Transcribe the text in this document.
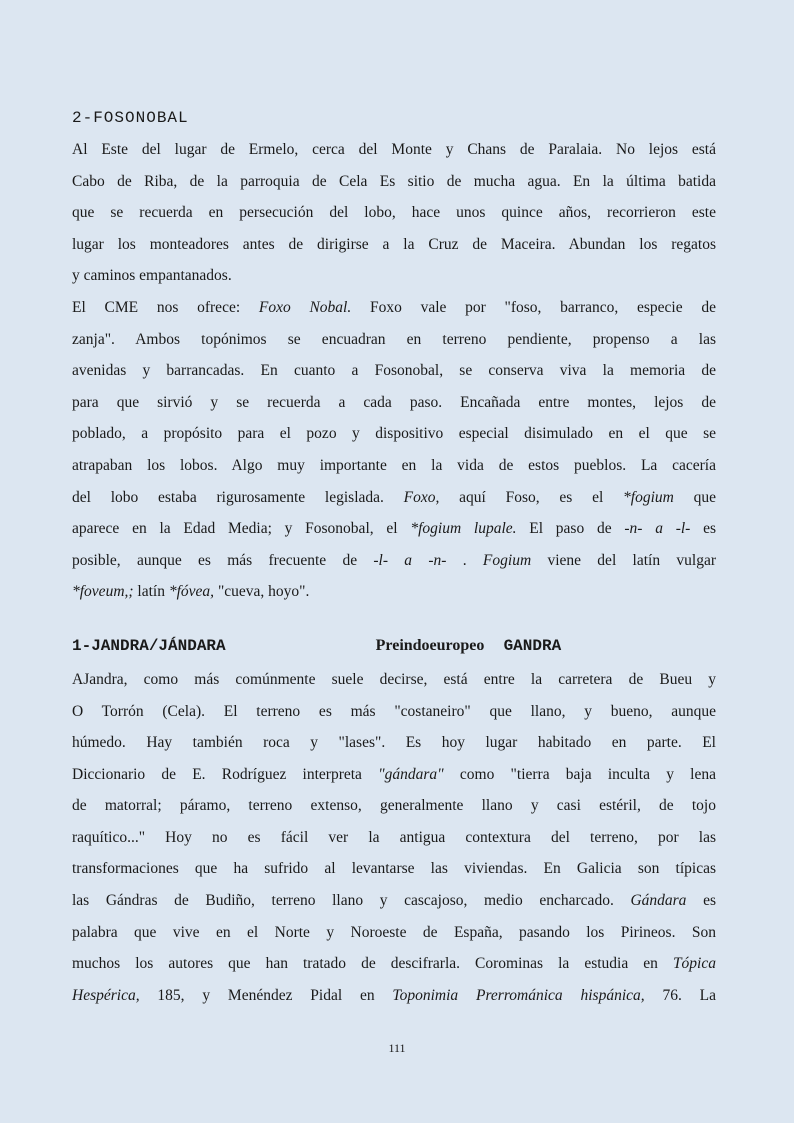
2-FOSONOBAL
Al Este del lugar de Ermelo, cerca del Monte y Chans de Paralaia. No lejos está
Cabo de Riba, de la parroquia de Cela Es sitio de mucha agua. En la última batida
que se recuerda en persecución del lobo, hace unos quince años, recorrieron este
lugar los monteadores antes de dirigirse a la Cruz de Maceira. Abundan los regatos
y caminos empantanados.
El CME nos ofrece: Foxo Nobal. Foxo vale por "foso, barranco, especie de
zanja". Ambos topónimos se encuadran en terreno pendiente, propenso a las
avenidas y barrancadas. En cuanto a Fosonobal, se conserva viva la memoria de
para que sirvió y se recuerda a cada paso. Encañada entre montes, lejos de
poblado, a propósito para el pozo y dispositivo especial disimulado en el que se
atrapaban los lobos. Algo muy importante en la vida de estos pueblos. La cacería
del lobo estaba rigurosamente legislada. Foxo, aquí Foso, es el *fogium que
aparece en la Edad Media; y Fosonobal, el *fogium lupale. El paso de -n- a -l- es
posible, aunque es más frecuente de -l- a -n- . Fogium viene del latín vulgar
*foveum,; latín *fóvea, "cueva, hoyo".
1-JANDRA/JÁNDARA	Preindoeuropeo GANDRA
AJandra, como más comúnmente suele decirse, está entre la carretera de Bueu y
O Torrón (Cela). El terreno es más "costaneiro" que llano, y bueno, aunque
húmedo. Hay también roca y "lases". Es hoy lugar habitado en parte. El
Diccionario de E. Rodríguez interpreta "gándara" como "tierra baja inculta y lena
de matorral; páramo, terreno extenso, generalmente llano y casi estéril, de tojo
raquítico..." Hoy no es fácil ver la antigua contextura del terreno, por las
transformaciones que ha sufrido al levantarse las viviendas. En Galicia son típicas
las Gándras de Budiño, terreno llano y cascajoso, medio encharcado. Gándara es
palabra que vive en el Norte y Noroeste de España, pasando los Pirineos. Son
muchos los autores que han tratado de descifrarla. Corominas la estudia en Tópica
Hespérica, 185, y Menéndez Pidal en Toponimia Prerrománica hispánica, 76. La
111
